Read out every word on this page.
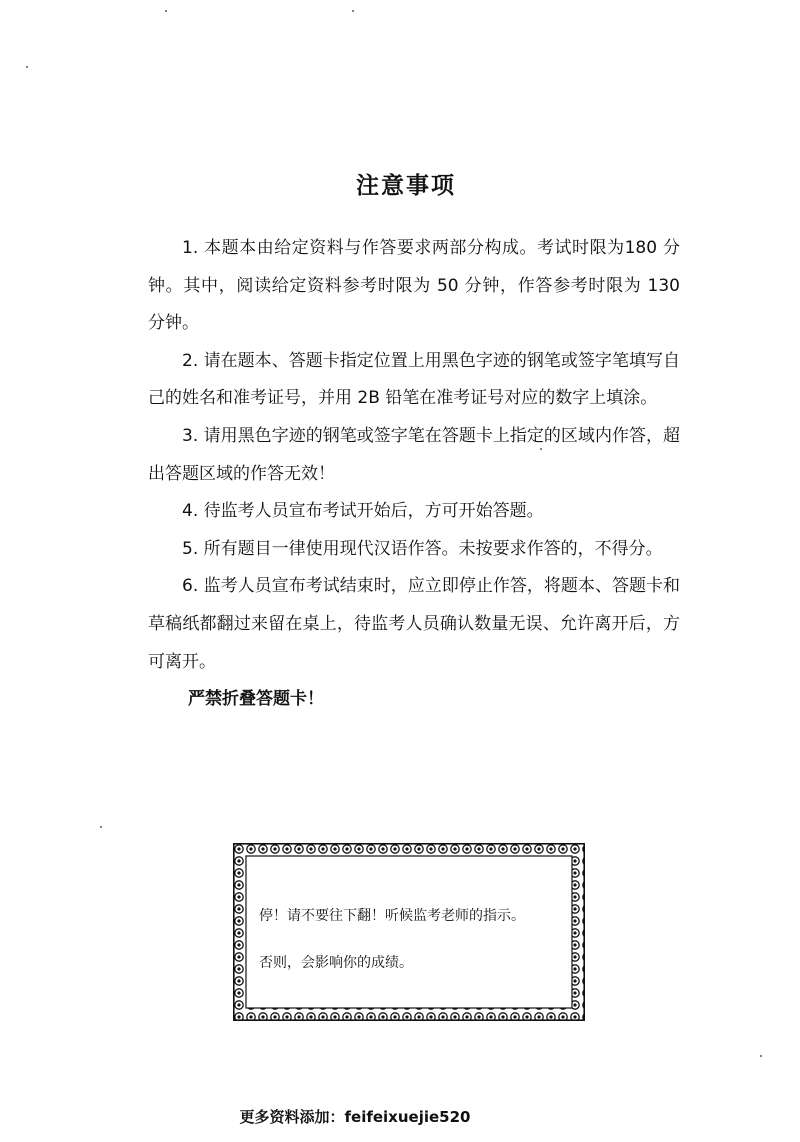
注意事项

1. 本题本由给定资料与作答要求两部分构成。考试时限为180 分钟。其中，阅读给定资料参考时限为 50 分钟，作答参考时限为 130 分钟。

2. 请在题本、答题卡指定位置上用黑色字迹的钢笔或签字笔填写自己的姓名和准考证号，并用 2B 铅笔在准考证号对应的数字上填涂。

3. 请用黑色字迹的钢笔或签字笔在答题卡上指定的区域内作答，超出答题区域的作答无效！

4. 待监考人员宣布考试开始后，方可开始答题。

5. 所有题目一律使用现代汉语作答。未按要求作答的，不得分。

6. 监考人员宣布考试结束时，应立即停止作答，将题本、答题卡和草稿纸都翻过来留在桌上，待监考人员确认数量无误、允许离开后，方可离开。

严禁折叠答题卡！

停！请不要往下翻！听候监考老师的指示。
否则，会影响你的成绩。
更多资料添加：feifeixuejie520
